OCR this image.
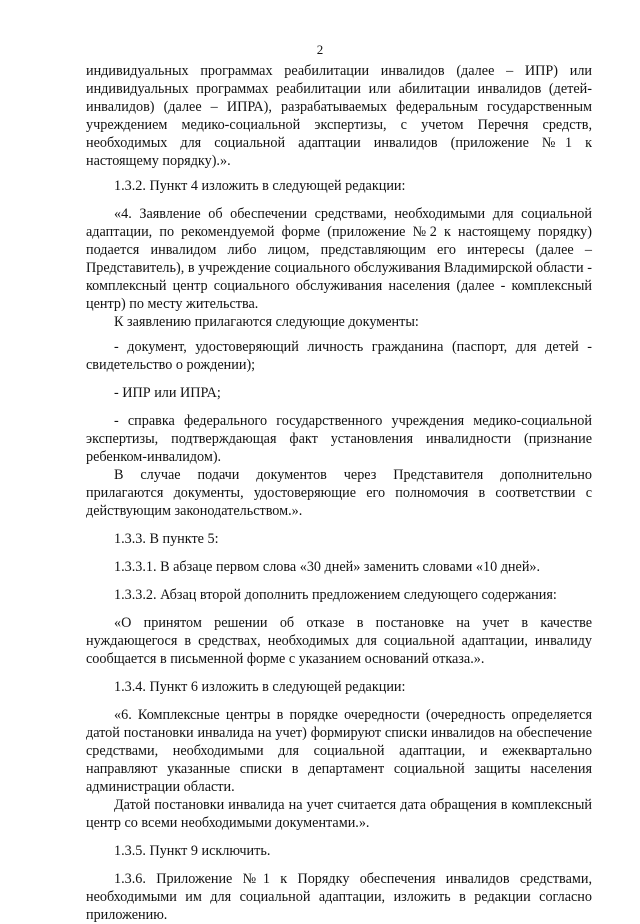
2

индивидуальных программах реабилитации инвалидов (далее – ИПР) или индивидуальных программах реабилитации или абилитации инвалидов (детей-инвалидов) (далее – ИПРА), разрабатываемых федеральным государственным учреждением медико-социальной экспертизы, с учетом Перечня средств, необходимых для социальной адаптации инвалидов (приложение №1 к настоящему порядку).».

1.3.2. Пункт 4 изложить в следующей редакции:

«4. Заявление об обеспечении средствами, необходимыми для социальной адаптации, по рекомендуемой форме (приложение №2 к настоящему порядку) подается инвалидом либо лицом, представляющим его интересы (далее – Представитель), в учреждение социального обслуживания Владимирской области - комплексный центр социального обслуживания населения (далее - комплексный центр) по месту жительства.

К заявлению прилагаются следующие документы:

- документ, удостоверяющий личность гражданина (паспорт, для детей - свидетельство о рождении);

- ИПР или ИПРА;

- справка федерального государственного учреждения медико-социальной экспертизы, подтверждающая факт установления инвалидности (признание ребенком-инвалидом).

В случае подачи документов через Представителя дополнительно прилагаются документы, удостоверяющие его полномочия в соответствии с действующим законодательством.».

1.3.3. В пункте 5:

1.3.3.1. В абзаце первом слова «30 дней» заменить словами «10 дней».

1.3.3.2. Абзац второй дополнить предложением следующего содержания:

«О принятом решении об отказе в постановке на учет в качестве нуждающегося в средствах, необходимых для социальной адаптации, инвалиду сообщается в письменной форме с указанием оснований отказа.».

1.3.4. Пункт 6 изложить в следующей редакции:

«6. Комплексные центры в порядке очередности (очередность определяется датой постановки инвалида на учет) формируют списки инвалидов на обеспечение средствами, необходимыми для социальной адаптации, и ежеквартально направляют указанные списки в департамент социальной защиты населения администрации области.

Датой постановки инвалида на учет считается дата обращения в комплексный центр со всеми необходимыми документами.».

1.3.5. Пункт 9 исключить.

1.3.6. Приложение №1 к Порядку обеспечения инвалидов средствами, необходимыми им для социальной адаптации, изложить в редакции согласно приложению.
